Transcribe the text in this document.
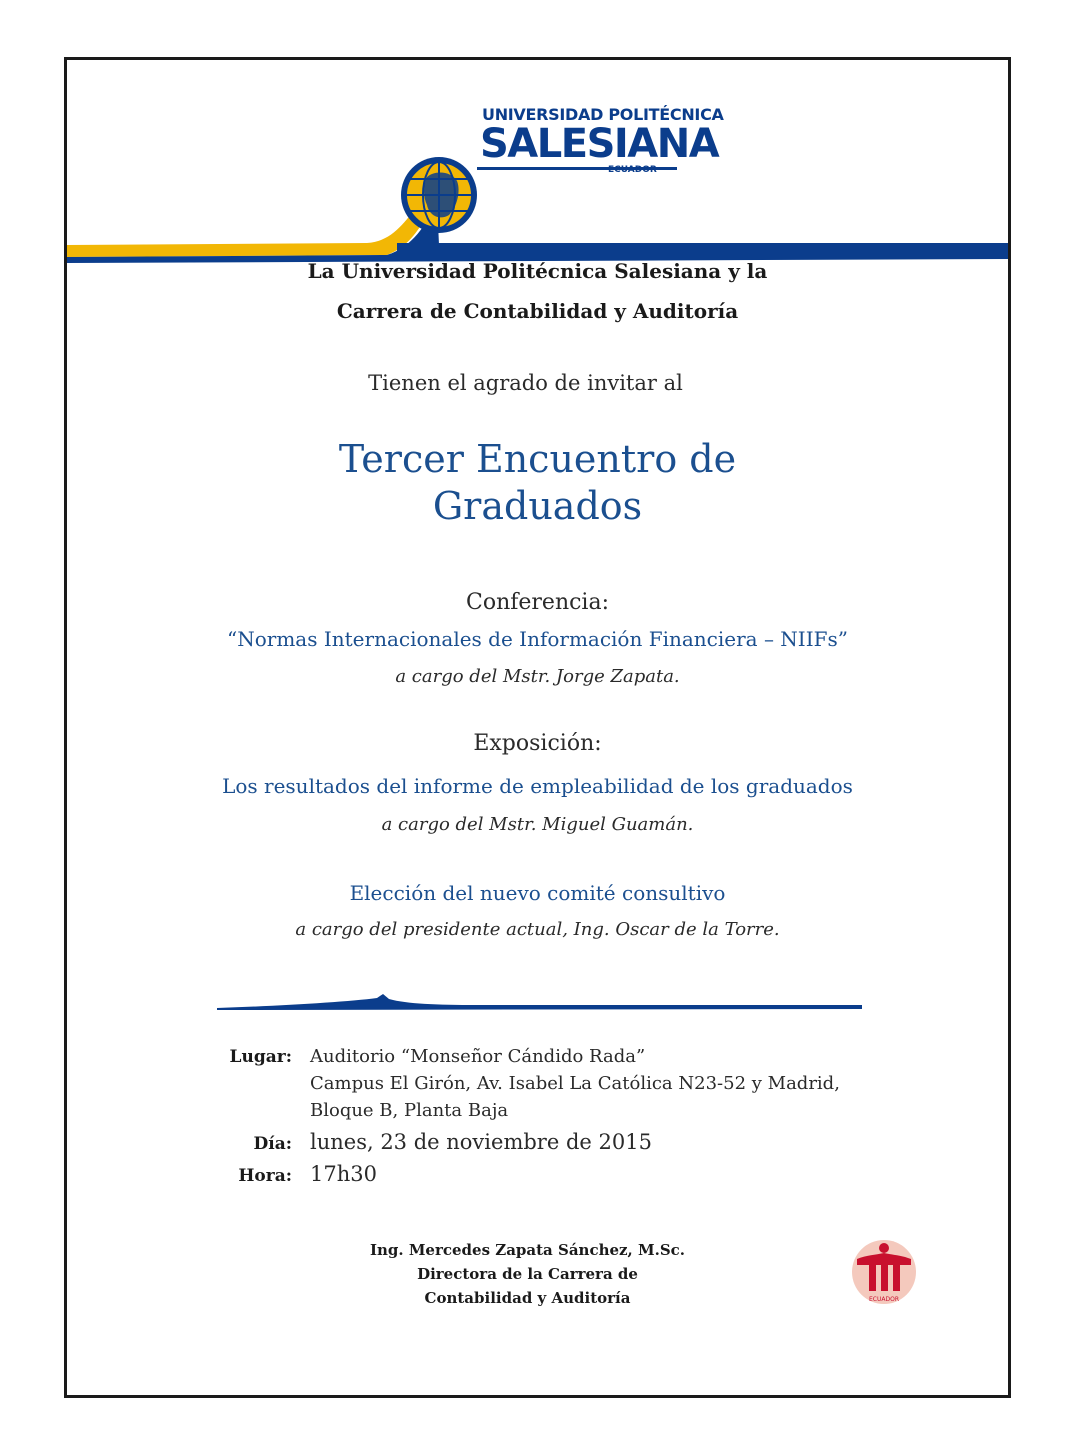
UNIVERSIDAD POLITÉCNICA
SALESIANA
ECUADOR
La Universidad Politécnica Salesiana y la
Carrera de Contabilidad y Auditoría
Tienen el agrado de invitar al
Tercer Encuentro de
Graduados
Conferencia:
“Normas Internacionales de Información Financiera – NIIFs”
a cargo del Mstr. Jorge Zapata.
Exposición:
Los resultados del informe de empleabilidad de los graduados
a cargo del Mstr. Miguel Guamán.
Elección del nuevo comité consultivo
a cargo del presidente actual, Ing. Oscar de la Torre.
Lugar: Auditorio “Monseñor Cándido Rada”
Campus El Girón, Av. Isabel La Católica N23-52 y Madrid,
Bloque B, Planta Baja
Día: lunes, 23 de noviembre de 2015
Hora: 17h30
Ing. Mercedes Zapata Sánchez, M.Sc.
Directora de la Carrera de
Contabilidad y Auditoría	ECUADOR
